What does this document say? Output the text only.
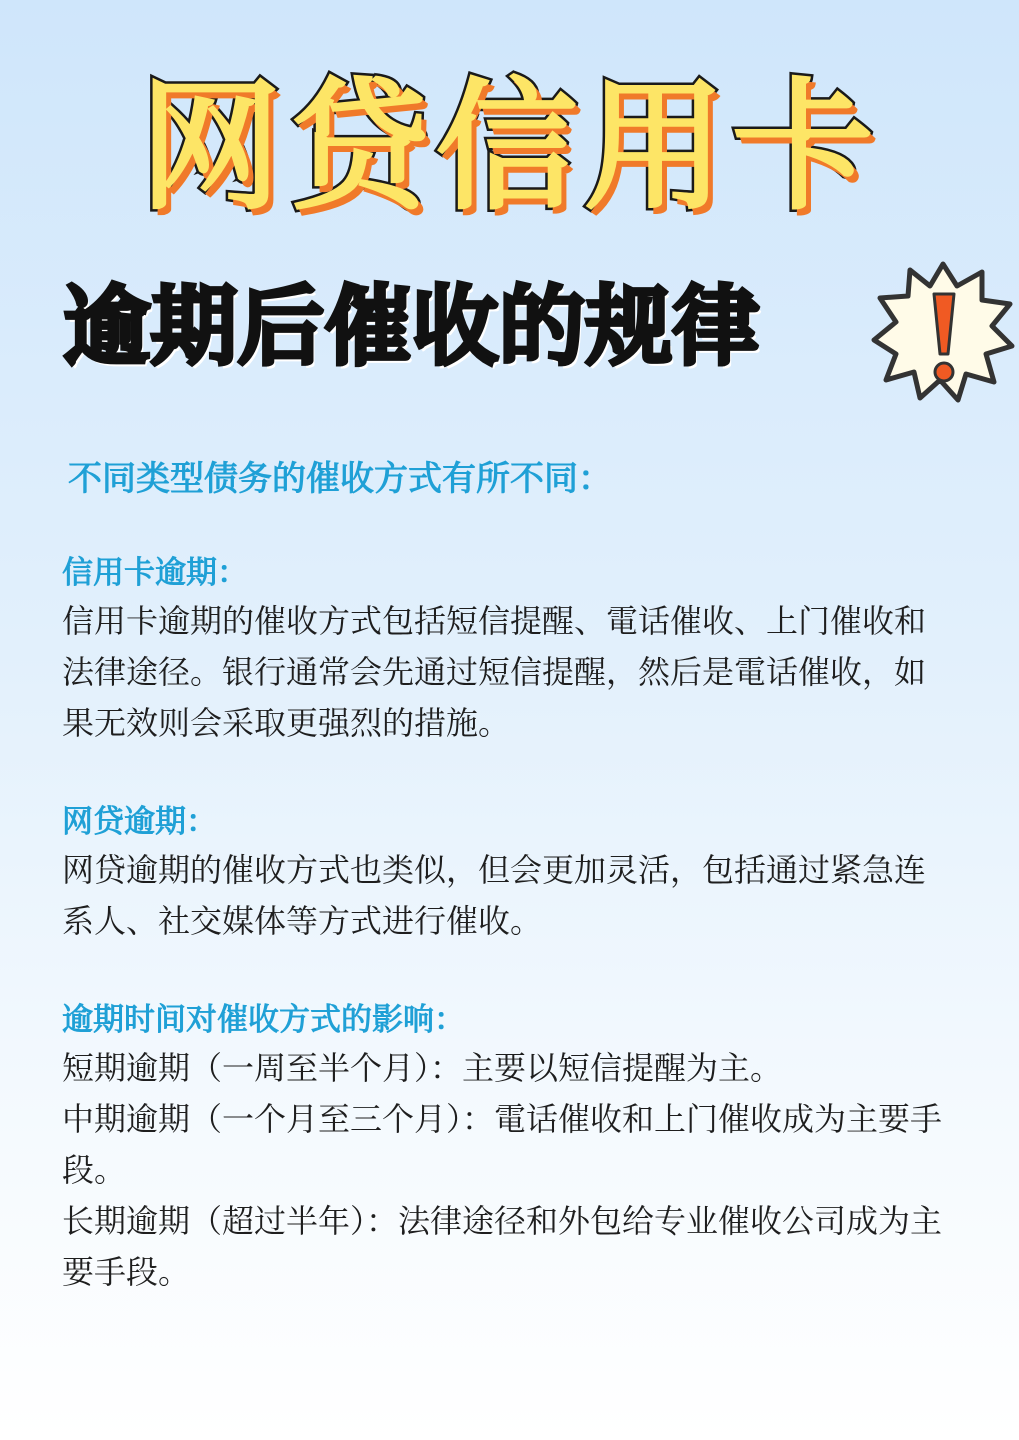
网贷信用卡
逾期后催收的规律
不同类型债务的催收方式有所不同：
信用卡逾期：

信用卡逾期的催收方式包括短信提醒、電话催收、上门催收和法律途径。银行通常会先通过短信提醒，然后是電话催收，如果无效则会采取更强烈的措施。

网贷逾期：

网贷逾期的催收方式也类似，但会更加灵活，包括通过紧急连系人、社交媒体等方式进行催收。

逾期时间对催收方式的影响：

短期逾期（一周至半个月）：主要以短信提醒为主。

中期逾期（一个月至三个月）：電话催收和上门催收成为主要手段。

长期逾期（超过半年）：法律途径和外包给专业催收公司成为主要手段。
